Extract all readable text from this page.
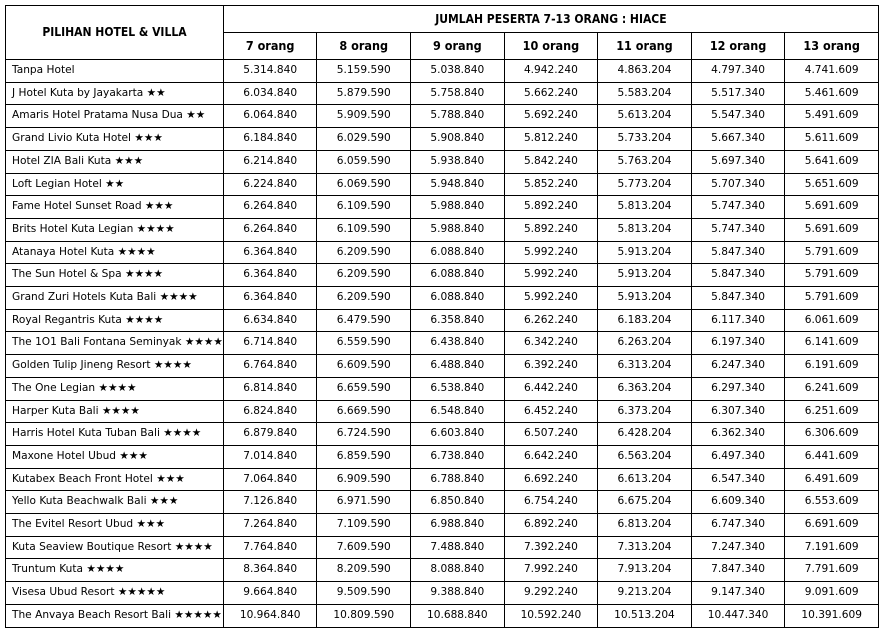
PILIHAN HOTEL & VILLA	JUMLAH PESERTA 7-13 ORANG : HIACE						
	7 orang	8 orang	9 orang	10 orang	11 orang	12 orang	13 orang
Tanpa Hotel	5.314.840	5.159.590	5.038.840	4.942.240	4.863.204	4.797.340	4.741.609
J Hotel Kuta by Jayakarta ★★	6.034.840	5.879.590	5.758.840	5.662.240	5.583.204	5.517.340	5.461.609
Amaris Hotel Pratama Nusa Dua ★★	6.064.840	5.909.590	5.788.840	5.692.240	5.613.204	5.547.340	5.491.609
Grand Livio Kuta Hotel ★★★	6.184.840	6.029.590	5.908.840	5.812.240	5.733.204	5.667.340	5.611.609
Hotel ZIA Bali Kuta ★★★	6.214.840	6.059.590	5.938.840	5.842.240	5.763.204	5.697.340	5.641.609
Loft Legian Hotel ★★	6.224.840	6.069.590	5.948.840	5.852.240	5.773.204	5.707.340	5.651.609
Fame Hotel Sunset Road ★★★	6.264.840	6.109.590	5.988.840	5.892.240	5.813.204	5.747.340	5.691.609
Brits Hotel Kuta Legian ★★★★	6.264.840	6.109.590	5.988.840	5.892.240	5.813.204	5.747.340	5.691.609
Atanaya Hotel Kuta ★★★★	6.364.840	6.209.590	6.088.840	5.992.240	5.913.204	5.847.340	5.791.609
The Sun Hotel & Spa ★★★★	6.364.840	6.209.590	6.088.840	5.992.240	5.913.204	5.847.340	5.791.609
Grand Zuri Hotels Kuta Bali ★★★★	6.364.840	6.209.590	6.088.840	5.992.240	5.913.204	5.847.340	5.791.609
Royal Regantris Kuta ★★★★	6.634.840	6.479.590	6.358.840	6.262.240	6.183.204	6.117.340	6.061.609
The 1O1 Bali Fontana Seminyak ★★★★	6.714.840	6.559.590	6.438.840	6.342.240	6.263.204	6.197.340	6.141.609
Golden Tulip Jineng Resort ★★★★	6.764.840	6.609.590	6.488.840	6.392.240	6.313.204	6.247.340	6.191.609
The One Legian ★★★★	6.814.840	6.659.590	6.538.840	6.442.240	6.363.204	6.297.340	6.241.609
Harper Kuta Bali ★★★★	6.824.840	6.669.590	6.548.840	6.452.240	6.373.204	6.307.340	6.251.609
Harris Hotel Kuta Tuban Bali ★★★★	6.879.840	6.724.590	6.603.840	6.507.240	6.428.204	6.362.340	6.306.609
Maxone Hotel Ubud ★★★	7.014.840	6.859.590	6.738.840	6.642.240	6.563.204	6.497.340	6.441.609
Kutabex Beach Front Hotel ★★★	7.064.840	6.909.590	6.788.840	6.692.240	6.613.204	6.547.340	6.491.609
Yello Kuta Beachwalk Bali ★★★	7.126.840	6.971.590	6.850.840	6.754.240	6.675.204	6.609.340	6.553.609
The Evitel Resort Ubud ★★★	7.264.840	7.109.590	6.988.840	6.892.240	6.813.204	6.747.340	6.691.609
Kuta Seaview Boutique Resort ★★★★	7.764.840	7.609.590	7.488.840	7.392.240	7.313.204	7.247.340	7.191.609
Truntum Kuta ★★★★	8.364.840	8.209.590	8.088.840	7.992.240	7.913.204	7.847.340	7.791.609
Visesa Ubud Resort ★★★★★	9.664.840	9.509.590	9.388.840	9.292.240	9.213.204	9.147.340	9.091.609
The Anvaya Beach Resort Bali ★★★★★	10.964.840	10.809.590	10.688.840	10.592.240	10.513.204	10.447.340	10.391.609
